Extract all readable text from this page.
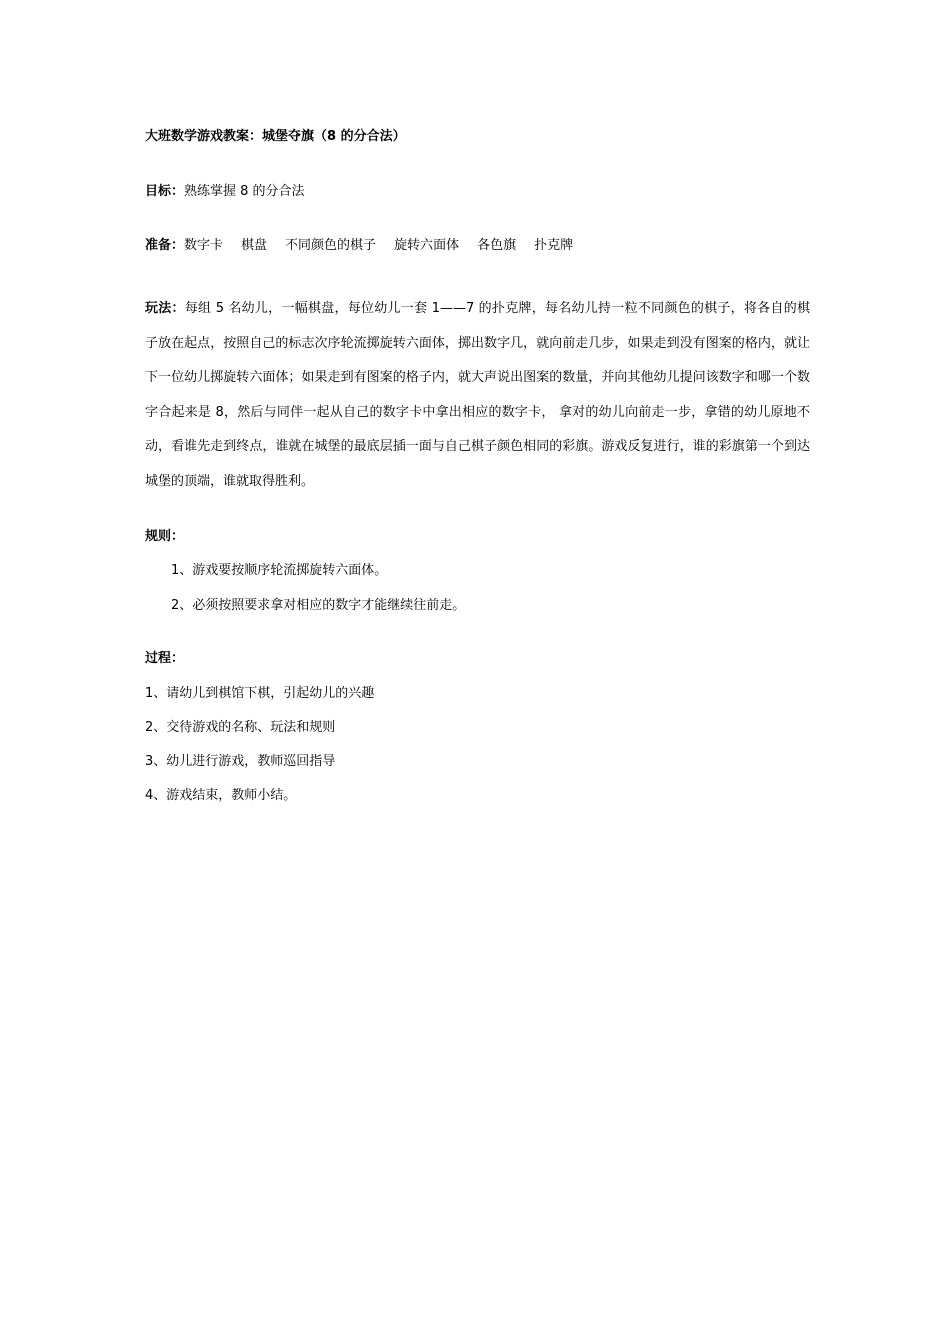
大班数学游戏教案：城堡夺旗（8 的分合法）

目标：熟练掌握 8 的分合法

准备：数字卡 棋盘 不同颜色的棋子 旋转六面体 各色旗 扑克牌

玩法：每组 5 名幼儿，一幅棋盘，每位幼儿一套 1——7 的扑克牌，每名幼儿持一粒不同颜色的棋子，将各自的棋子放在起点，按照自己的标志次序轮流掷旋转六面体，掷出数字几，就向前走几步，如果走到没有图案的格内，就让下一位幼儿掷旋转六面体；如果走到有图案的格子内，就大声说出图案的数量，并向其他幼儿提问该数字和哪一个数字合起来是 8，然后与同伴一起从自己的数字卡中拿出相应的数字卡， 拿对的幼儿向前走一步，拿错的幼儿原地不动，看谁先走到终点，谁就在城堡的最底层插一面与自己棋子颜色相同的彩旗。游戏反复进行，谁的彩旗第一个到达城堡的顶端，谁就取得胜利。

规则：

1、游戏要按顺序轮流掷旋转六面体。

2、必须按照要求拿对相应的数字才能继续往前走。

过程：

1、请幼儿到棋馆下棋，引起幼儿的兴趣

2、交待游戏的名称、玩法和规则

3、幼儿进行游戏，教师巡回指导

4、游戏结束，教师小结。
